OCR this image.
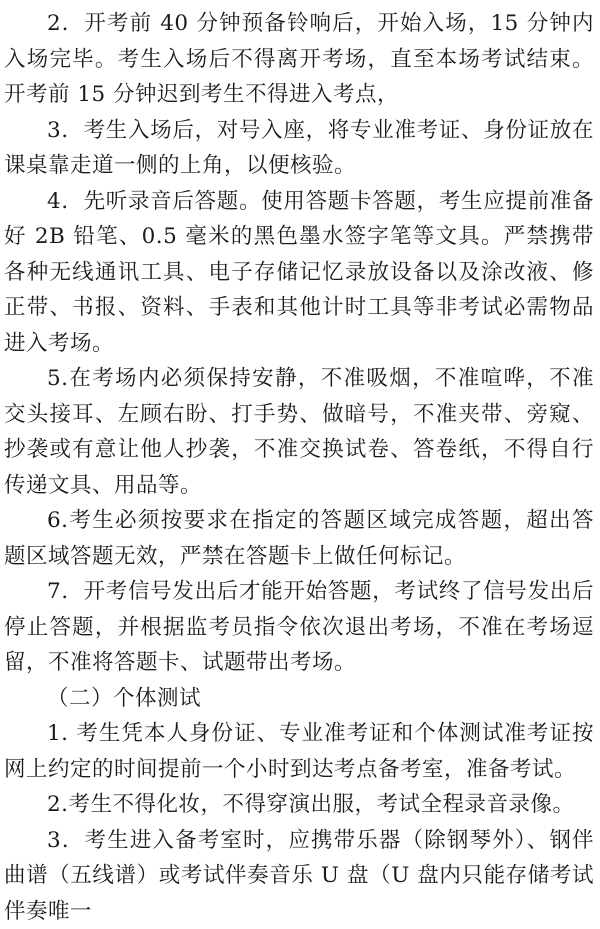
2．开考前 40 分钟预备铃响后，开始入场，15 分钟内入场完毕。考生入场后不得离开考场，直至本场考试结束。开考前 15 分钟迟到考生不得进入考点，

3．考生入场后，对号入座，将专业准考证、身份证放在课桌靠走道一侧的上角，以便核验。

4．先听录音后答题。使用答题卡答题，考生应提前准备好 2B 铅笔、0.5 毫米的黑色墨水签字笔等文具。严禁携带各种无线通讯工具、电子存储记忆录放设备以及涂改液、修正带、书报、资料、手表和其他计时工具等非考试必需物品进入考场。

5.在考场内必须保持安静，不准吸烟，不准喧哗，不准交头接耳、左顾右盼、打手势、做暗号，不准夹带、旁窥、抄袭或有意让他人抄袭，不准交换试卷、答卷纸，不得自行传递文具、用品等。

6.考生必须按要求在指定的答题区域完成答题，超出答题区域答题无效，严禁在答题卡上做任何标记。

7．开考信号发出后才能开始答题，考试终了信号发出后停止答题，并根据监考员指令依次退出考场，不准在考场逗留，不准将答题卡、试题带出考场。

（二）个体测试

1. 考生凭本人身份证、专业准考证和个体测试准考证按网上约定的时间提前一个小时到达考点备考室，准备考试。

2.考生不得化妆，不得穿演出服，考试全程录音录像。

3．考生进入备考室时，应携带乐器（除钢琴外）、钢伴曲谱（五线谱）或考试伴奏音乐 U 盘（U 盘内只能存储考试伴奏唯一
